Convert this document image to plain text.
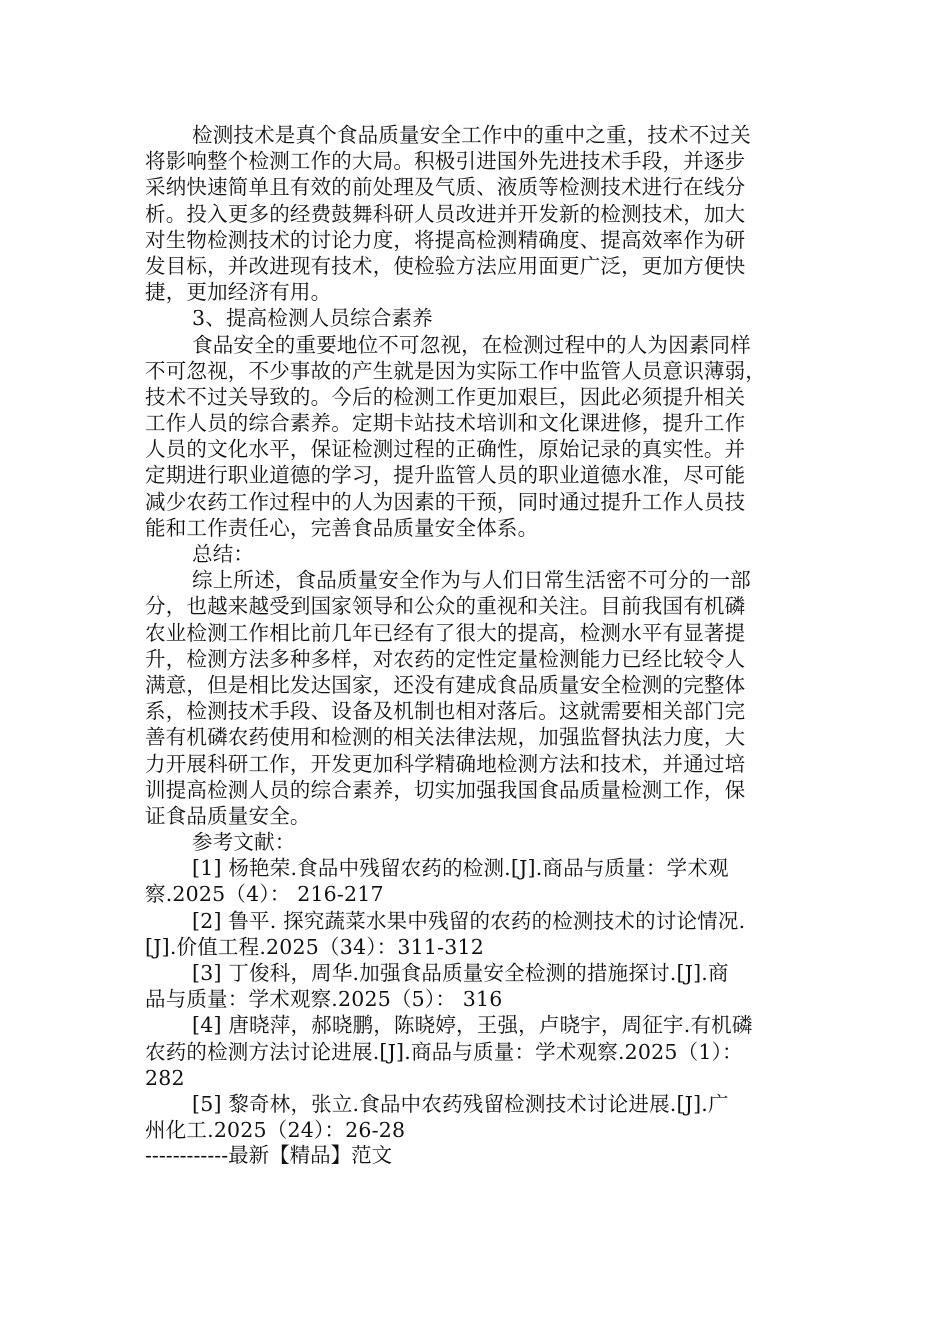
检测技术是真个食品质量安全工作中的重中之重，技术不过关
将影响整个检测工作的大局。积极引进国外先进技术手段，并逐步
采纳快速简单且有效的前处理及气质、液质等检测技术进行在线分
析。投入更多的经费鼓舞科研人员改进并开发新的检测技术，加大
对生物检测技术的讨论力度，将提高检测精确度、提高效率作为研
发目标，并改进现有技术，使检验方法应用面更广泛，更加方便快
捷，更加经济有用。
3、提高检测人员综合素养
食品安全的重要地位不可忽视，在检测过程中的人为因素同样
不可忽视，不少事故的产生就是因为实际工作中监管人员意识薄弱，
技术不过关导致的。今后的检测工作更加艰巨，因此必须提升相关
工作人员的综合素养。定期卡站技术培训和文化课进修，提升工作
人员的文化水平，保证检测过程的正确性，原始记录的真实性。并
定期进行职业道德的学习，提升监管人员的职业道德水准，尽可能
减少农药工作过程中的人为因素的干预，同时通过提升工作人员技
能和工作责任心，完善食品质量安全体系。
总结：
综上所述，食品质量安全作为与人们日常生活密不可分的一部
分，也越来越受到国家领导和公众的重视和关注。目前我国有机磷
农业检测工作相比前几年已经有了很大的提高，检测水平有显著提
升，检测方法多种多样，对农药的定性定量检测能力已经比较令人
满意，但是相比发达国家，还没有建成食品质量安全检测的完整体
系，检测技术手段、设备及机制也相对落后。这就需要相关部门完
善有机磷农药使用和检测的相关法律法规，加强监督执法力度，大
力开展科研工作，开发更加科学精确地检测方法和技术，并通过培
训提高检测人员的综合素养，切实加强我国食品质量检测工作，保
证食品质量安全。
参考文献：
[1] 杨艳荣.食品中残留农药的检测.[J].商品与质量：学术观
察.2025（4）： 216-217
[2] 鲁平. 探究蔬菜水果中残留的农药的检测技术的讨论情况.
[J].价值工程.2025（34）：311-312
[3] 丁俊科，周华.加强食品质量安全检测的措施探讨.[J].商
品与质量：学术观察.2025（5）： 316
[4] 唐晓萍，郝晓鹏，陈晓婷，王强，卢晓宇，周征宇.有机磷
农药的检测方法讨论进展.[J].商品与质量：学术观察.2025（1）：
282
[5] 黎奇林，张立.食品中农药残留检测技术讨论进展.[J].广
州化工.2025（24）：26-28
------------最新【精品】范文
